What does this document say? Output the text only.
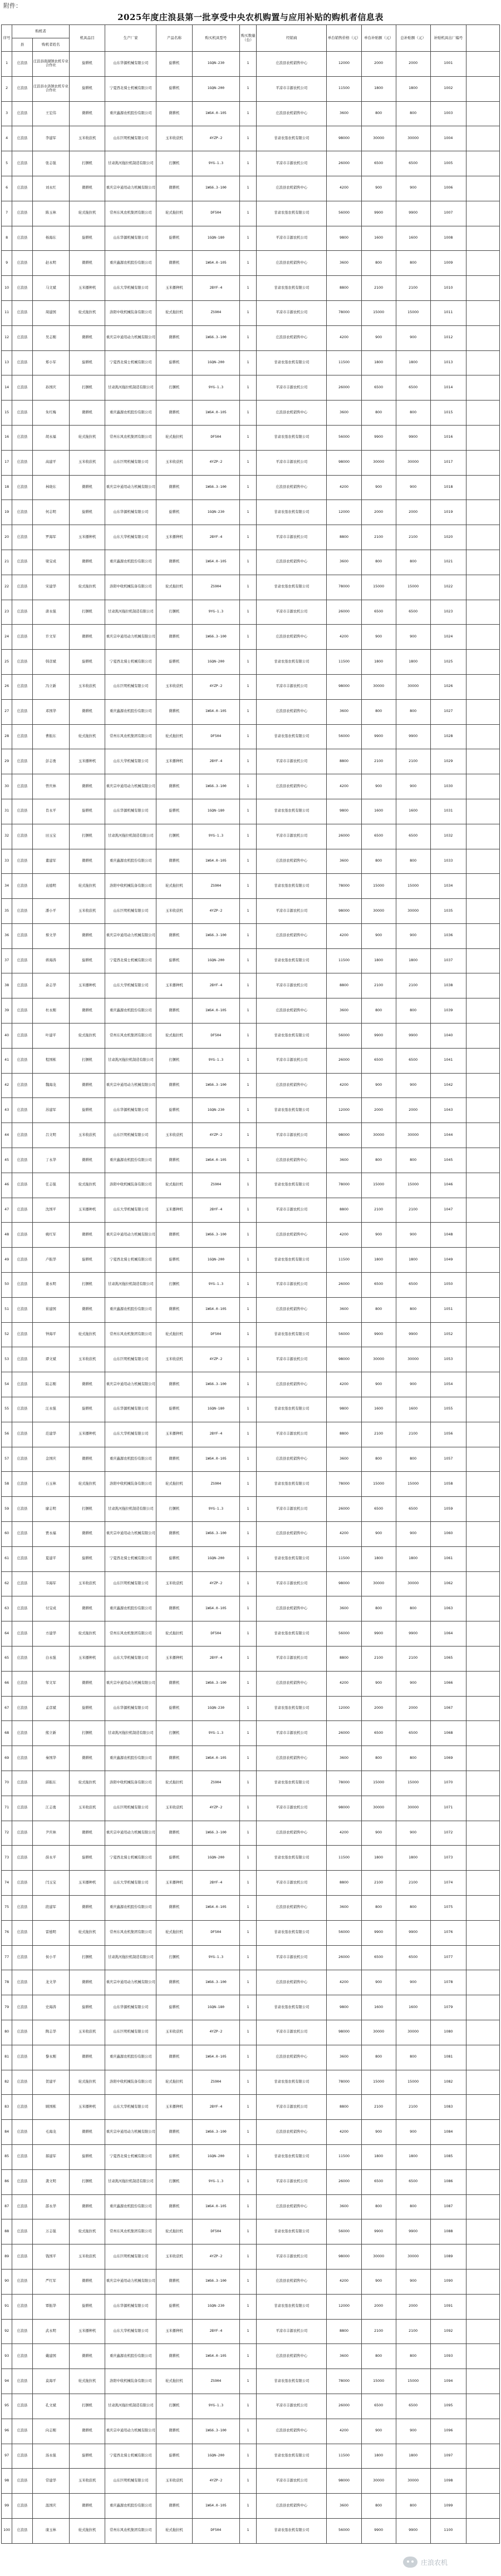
附件：
2025年度庄浪县第一批享受中央农机购置与应用补贴的购机者信息表
序号	购机者		机具品目	生产厂家	产品名称	购买机具型号	购买数量（台）	经销商	单台销售价格（元）	单台补贴额（元）	总补贴额（元）	补贴机具出厂编号	
	县	购机者姓名											
1	庄浪县	庄浪县南湖镇农机专业合作社	旋耕机	山东华源机械有限公司	旋耕机	1GQN-230	1	庄浪县农机销售中心	12000	2000	2000	1001	
2	庄浪县	庄浪县水洛镇农机专业合作社	旋耕机	宁夏西北骑士机械有限公司	旋耕机	1GQN-200	1	平凉市丰源农机公司	11500	1800	1800	1002	
3	庄浪县	王宏伟	微耕机	重庆鑫源农机股份有限公司	微耕机	1WG4.0-105	1	庄浪县农机销售中心	3600	800	800	1003	
4	庄浪县	李建军	玉米收获机	山东巨明机械有限公司	玉米收获机	4YZP-2	1	甘肃农垦农机有限公司	98000	30000	30000	1004	
5	庄浪县	张志强	打捆机	甘肃洮河拖拉机制造有限公司	打捆机	9YG-1.3	1	平凉市丰源农机公司	26000	6500	6500	1005	
6	庄浪县	刘永红	微耕机	重庆宗申通用动力机械有限公司	微耕机	1WG6.3-100	1	庄浪县农机销售中心	4200	900	900	1006	
7	庄浪县	陈玉林	轮式拖拉机	常州东风农机集团有限公司	轮式拖拉机	DF504	1	甘肃农垦农机有限公司	56000	9900	9900	1007	
8	庄浪县	杨海东	旋耕机	山东华源机械有限公司	旋耕机	1GQN-180	1	平凉市丰源农机公司	9800	1600	1600	1008	
9	庄浪县	赵永明	微耕机	重庆鑫源农机股份有限公司	微耕机	1WG4.0-105	1	庄浪县农机销售中心	3600	800	800	1009	
10	庄浪县	马文斌	玉米播种机	山东大华机械有限公司	玉米播种机	2BYF-4	1	甘肃农垦农机有限公司	8800	2100	2100	1010	
11	庄浪县	周建国	轮式拖拉机	洛阳中收机械装备有限公司	轮式拖拉机	ZS904	1	平凉市丰源农机公司	78000	15000	15000	1011	
12	庄浪县	吴志刚	微耕机	重庆宗申通用动力机械有限公司	微耕机	1WG6.3-100	1	庄浪县农机销售中心	4200	900	900	1012	
13	庄浪县	郑小军	旋耕机	宁夏西北骑士机械有限公司	旋耕机	1GQN-200	1	甘肃农垦农机有限公司	11500	1800	1800	1013	
14	庄浪县	孙国庆	打捆机	甘肃洮河拖拉机制造有限公司	打捆机	9YG-1.3	1	平凉市丰源农机公司	26000	6500	6500	1014	
15	庄浪县	朱红梅	微耕机	重庆鑫源农机股份有限公司	微耕机	1WG4.0-105	1	庄浪县农机销售中心	3600	800	800	1015	
16	庄浪县	胡永福	轮式拖拉机	常州东风农机集团有限公司	轮式拖拉机	DF504	1	甘肃农垦农机有限公司	56000	9900	9900	1016	
17	庄浪县	高建平	玉米收获机	山东巨明机械有限公司	玉米收获机	4YZP-2	1	平凉市丰源农机公司	98000	30000	30000	1017	
18	庄浪县	林晓东	微耕机	重庆宗申通用动力机械有限公司	微耕机	1WG6.3-100	1	庄浪县农机销售中心	4200	900	900	1018	
19	庄浪县	何志明	旋耕机	山东华源机械有限公司	旋耕机	1GQN-230	1	甘肃农垦农机有限公司	12000	2000	2000	1019	
20	庄浪县	罗海军	玉米播种机	山东大华机械有限公司	玉米播种机	2BYF-4	1	平凉市丰源农机公司	8800	2100	2100	1020	
21	庄浪县	梁宝成	微耕机	重庆鑫源农机股份有限公司	微耕机	1WG4.0-105	1	庄浪县农机销售中心	3600	800	800	1021	
22	庄浪县	宋建华	轮式拖拉机	洛阳中收机械装备有限公司	轮式拖拉机	ZS904	1	甘肃农垦农机有限公司	78000	15000	15000	1022	
23	庄浪县	唐永强	打捆机	甘肃洮河拖拉机制造有限公司	打捆机	9YG-1.3	1	平凉市丰源农机公司	26000	6500	6500	1023	
24	庄浪县	许文军	微耕机	重庆宗申通用动力机械有限公司	微耕机	1WG6.3-100	1	庄浪县农机销售中心	4200	900	900	1024	
25	庄浪县	韩彦斌	旋耕机	宁夏西北骑士机械有限公司	旋耕机	1GQN-200	1	甘肃农垦农机有限公司	11500	1800	1800	1025	
26	庄浪县	冯立新	玉米收获机	山东巨明机械有限公司	玉米收获机	4YZP-2	1	平凉市丰源农机公司	98000	30000	30000	1026	
27	庄浪县	邓国华	微耕机	重庆鑫源农机股份有限公司	微耕机	1WG4.0-105	1	庄浪县农机销售中心	3600	800	800	1027	
28	庄浪县	曹振东	轮式拖拉机	常州东风农机集团有限公司	轮式拖拉机	DF504	1	甘肃农垦农机有限公司	56000	9900	9900	1028	
29	庄浪县	彭志勇	玉米播种机	山东大华机械有限公司	玉米播种机	2BYF-4	1	平凉市丰源农机公司	8800	2100	2100	1029	
30	庄浪县	曾庆林	微耕机	重庆宗申通用动力机械有限公司	微耕机	1WG6.3-100	1	庄浪县农机销售中心	4200	900	900	1030	
31	庄浪县	肖永平	旋耕机	山东华源机械有限公司	旋耕机	1GQN-180	1	甘肃农垦农机有限公司	9800	1600	1600	1031	
32	庄浪县	田玉宝	打捆机	甘肃洮河拖拉机制造有限公司	打捆机	9YG-1.3	1	平凉市丰源农机公司	26000	6500	6500	1032	
33	庄浪县	董建军	微耕机	重庆鑫源农机股份有限公司	微耕机	1WG4.0-105	1	庄浪县农机销售中心	3600	800	800	1033	
34	庄浪县	袁德明	轮式拖拉机	洛阳中收机械装备有限公司	轮式拖拉机	ZS904	1	甘肃农垦农机有限公司	78000	15000	15000	1034	
35	庄浪县	潘小平	玉米收获机	山东巨明机械有限公司	玉米收获机	4YZP-2	1	平凉市丰源农机公司	98000	30000	30000	1035	
36	庄浪县	蔡文华	微耕机	重庆宗申通用动力机械有限公司	微耕机	1WG6.3-100	1	庄浪县农机销售中心	4200	900	900	1036	
37	庄浪县	蒋海涛	旋耕机	宁夏西北骑士机械有限公司	旋耕机	1GQN-200	1	甘肃农垦农机有限公司	11500	1800	1800	1037	
38	庄浪县	余志华	玉米播种机	山东大华机械有限公司	玉米播种机	2BYF-4	1	平凉市丰源农机公司	8800	2100	2100	1038	
39	庄浪县	杜永刚	微耕机	重庆鑫源农机股份有限公司	微耕机	1WG4.0-105	1	庄浪县农机销售中心	3600	800	800	1039	
40	庄浪县	叶建平	轮式拖拉机	常州东风农机集团有限公司	轮式拖拉机	DF504	1	甘肃农垦农机有限公司	56000	9900	9900	1040	
41	庄浪县	程国栋	打捆机	甘肃洮河拖拉机制造有限公司	打捆机	9YG-1.3	1	平凉市丰源农机公司	26000	6500	6500	1041	
42	庄浪县	魏海龙	微耕机	重庆宗申通用动力机械有限公司	微耕机	1WG6.3-100	1	庄浪县农机销售中心	4200	900	900	1042	
43	庄浪县	苏建军	旋耕机	山东华源机械有限公司	旋耕机	1GQN-230	1	甘肃农垦农机有限公司	12000	2000	2000	1043	
44	庄浪县	吕文明	玉米收获机	山东巨明机械有限公司	玉米收获机	4YZP-2	1	平凉市丰源农机公司	98000	30000	30000	1044	
45	庄浪县	丁永华	微耕机	重庆鑫源农机股份有限公司	微耕机	1WG4.0-105	1	庄浪县农机销售中心	3600	800	800	1045	
46	庄浪县	任志强	轮式拖拉机	洛阳中收机械装备有限公司	轮式拖拉机	ZS904	1	甘肃农垦农机有限公司	78000	15000	15000	1046	
47	庄浪县	沈国平	玉米播种机	山东大华机械有限公司	玉米播种机	2BYF-4	1	平凉市丰源农机公司	8800	2100	2100	1047	
48	庄浪县	姚红军	微耕机	重庆宗申通用动力机械有限公司	微耕机	1WG6.3-100	1	庄浪县农机销售中心	4200	900	900	1048	
49	庄浪县	卢振华	旋耕机	宁夏西北骑士机械有限公司	旋耕机	1GQN-200	1	甘肃农垦农机有限公司	11500	1800	1800	1049	
50	庄浪县	姜永明	打捆机	甘肃洮河拖拉机制造有限公司	打捆机	9YG-1.3	1	平凉市丰源农机公司	26000	6500	6500	1050	
51	庄浪县	崔建国	微耕机	重庆鑫源农机股份有限公司	微耕机	1WG4.0-105	1	庄浪县农机销售中心	3600	800	800	1051	
52	庄浪县	钟海平	轮式拖拉机	常州东风农机集团有限公司	轮式拖拉机	DF504	1	甘肃农垦农机有限公司	56000	9900	9900	1052	
53	庄浪县	谭文斌	玉米收获机	山东巨明机械有限公司	玉米收获机	4YZP-2	1	平凉市丰源农机公司	98000	30000	30000	1053	
54	庄浪县	陆志刚	微耕机	重庆宗申通用动力机械有限公司	微耕机	1WG6.3-100	1	庄浪县农机销售中心	4200	900	900	1054	
55	庄浪县	汪永强	旋耕机	山东华源机械有限公司	旋耕机	1GQN-180	1	甘肃农垦农机有限公司	9800	1600	1600	1055	
56	庄浪县	范建华	玉米播种机	山东大华机械有限公司	玉米播种机	2BYF-4	1	平凉市丰源农机公司	8800	2100	2100	1056	
57	庄浪县	金国庆	微耕机	重庆鑫源农机股份有限公司	微耕机	1WG4.0-105	1	庄浪县农机销售中心	3600	800	800	1057	
58	庄浪县	石玉林	轮式拖拉机	洛阳中收机械装备有限公司	轮式拖拉机	ZS904	1	甘肃农垦农机有限公司	78000	15000	15000	1058	
59	庄浪县	廖志明	打捆机	甘肃洮河拖拉机制造有限公司	打捆机	9YG-1.3	1	平凉市丰源农机公司	26000	6500	6500	1059	
60	庄浪县	贾永福	微耕机	重庆宗申通用动力机械有限公司	微耕机	1WG6.3-100	1	庄浪县农机销售中心	4200	900	900	1060	
61	庄浪县	夏建平	旋耕机	宁夏西北骑士机械有限公司	旋耕机	1GQN-200	1	甘肃农垦农机有限公司	11500	1800	1800	1061	
62	庄浪县	韦海军	玉米收获机	山东巨明机械有限公司	玉米收获机	4YZP-2	1	平凉市丰源农机公司	98000	30000	30000	1062	
63	庄浪县	付宝成	微耕机	重庆鑫源农机股份有限公司	微耕机	1WG4.0-105	1	庄浪县农机销售中心	3600	800	800	1063	
64	庄浪县	方建华	轮式拖拉机	常州东风农机集团有限公司	轮式拖拉机	DF504	1	甘肃农垦农机有限公司	56000	9900	9900	1064	
65	庄浪县	白永强	玉米播种机	山东大华机械有限公司	玉米播种机	2BYF-4	1	平凉市丰源农机公司	8800	2100	2100	1065	
66	庄浪县	邹文军	微耕机	重庆宗申通用动力机械有限公司	微耕机	1WG6.3-100	1	庄浪县农机销售中心	4200	900	900	1066	
67	庄浪县	孟彦斌	旋耕机	山东华源机械有限公司	旋耕机	1GQN-230	1	甘肃农垦农机有限公司	12000	2000	2000	1067	
68	庄浪县	熊立新	打捆机	甘肃洮河拖拉机制造有限公司	打捆机	9YG-1.3	1	平凉市丰源农机公司	26000	6500	6500	1068	
69	庄浪县	秦国华	微耕机	重庆鑫源农机股份有限公司	微耕机	1WG4.0-105	1	庄浪县农机销售中心	3600	800	800	1069	
70	庄浪县	邱振东	轮式拖拉机	洛阳中收机械装备有限公司	轮式拖拉机	ZS904	1	甘肃农垦农机有限公司	78000	15000	15000	1070	
71	庄浪县	江志勇	玉米收获机	山东巨明机械有限公司	玉米收获机	4YZP-2	1	平凉市丰源农机公司	98000	30000	30000	1071	
72	庄浪县	尹庆林	微耕机	重庆宗申通用动力机械有限公司	微耕机	1WG6.3-100	1	庄浪县农机销售中心	4200	900	900	1072	
73	庄浪县	薛永平	旋耕机	宁夏西北骑士机械有限公司	旋耕机	1GQN-200	1	甘肃农垦农机有限公司	11500	1800	1800	1073	
74	庄浪县	闫玉宝	玉米播种机	山东大华机械有限公司	玉米播种机	2BYF-4	1	平凉市丰源农机公司	8800	2100	2100	1074	
75	庄浪县	段建军	微耕机	重庆鑫源农机股份有限公司	微耕机	1WG4.0-105	1	庄浪县农机销售中心	3600	800	800	1075	
76	庄浪县	雷德明	轮式拖拉机	常州东风农机集团有限公司	轮式拖拉机	DF504	1	甘肃农垦农机有限公司	56000	9900	9900	1076	
77	庄浪县	侯小平	打捆机	甘肃洮河拖拉机制造有限公司	打捆机	9YG-1.3	1	平凉市丰源农机公司	26000	6500	6500	1077	
78	庄浪县	龙文华	微耕机	重庆宗申通用动力机械有限公司	微耕机	1WG6.3-100	1	庄浪县农机销售中心	4200	900	900	1078	
79	庄浪县	史海涛	旋耕机	山东华源机械有限公司	旋耕机	1GQN-180	1	甘肃农垦农机有限公司	9800	1600	1600	1079	
80	庄浪县	陶志华	玉米收获机	山东巨明机械有限公司	玉米收获机	4YZP-2	1	平凉市丰源农机公司	98000	30000	30000	1080	
81	庄浪县	黎永刚	微耕机	重庆鑫源农机股份有限公司	微耕机	1WG4.0-105	1	庄浪县农机销售中心	3600	800	800	1081	
82	庄浪县	贺建平	轮式拖拉机	洛阳中收机械装备有限公司	轮式拖拉机	ZS904	1	甘肃农垦农机有限公司	78000	15000	15000	1082	
83	庄浪县	顾国栋	玉米播种机	山东大华机械有限公司	玉米播种机	2BYF-4	1	平凉市丰源农机公司	8800	2100	2100	1083	
84	庄浪县	毛海龙	微耕机	重庆宗申通用动力机械有限公司	微耕机	1WG6.3-100	1	庄浪县农机销售中心	4200	900	900	1084	
85	庄浪县	郝建军	旋耕机	宁夏西北骑士机械有限公司	旋耕机	1GQN-200	1	甘肃农垦农机有限公司	11500	1800	1800	1085	
86	庄浪县	龚文明	打捆机	甘肃洮河拖拉机制造有限公司	打捆机	9YG-1.3	1	平凉市丰源农机公司	26000	6500	6500	1086	
87	庄浪县	邵永华	微耕机	重庆鑫源农机股份有限公司	微耕机	1WG4.0-105	1	庄浪县农机销售中心	3600	800	800	1087	
88	庄浪县	万志强	轮式拖拉机	常州东风农机集团有限公司	轮式拖拉机	DF504	1	甘肃农垦农机有限公司	56000	9900	9900	1088	
89	庄浪县	钱国平	玉米收获机	山东巨明机械有限公司	玉米收获机	4YZP-2	1	平凉市丰源农机公司	98000	30000	30000	1089	
90	庄浪县	严红军	微耕机	重庆宗申通用动力机械有限公司	微耕机	1WG6.3-100	1	庄浪县农机销售中心	4200	900	900	1090	
91	庄浪县	覃振华	旋耕机	山东华源机械有限公司	旋耕机	1GQN-230	1	甘肃农垦农机有限公司	12000	2000	2000	1091	
92	庄浪县	武永明	玉米播种机	山东大华机械有限公司	玉米播种机	2BYF-4	1	平凉市丰源农机公司	8800	2100	2100	1092	
93	庄浪县	戴建国	微耕机	重庆鑫源农机股份有限公司	微耕机	1WG4.0-105	1	庄浪县农机销售中心	3600	800	800	1093	
94	庄浪县	莫海平	轮式拖拉机	洛阳中收机械装备有限公司	轮式拖拉机	ZS904	1	甘肃农垦农机有限公司	78000	15000	15000	1094	
95	庄浪县	孔文斌	打捆机	甘肃洮河拖拉机制造有限公司	打捆机	9YG-1.3	1	平凉市丰源农机公司	26000	6500	6500	1095	
96	庄浪县	向志刚	微耕机	重庆宗申通用动力机械有限公司	微耕机	1WG6.3-100	1	庄浪县农机销售中心	4200	900	900	1096	
97	庄浪县	汤永强	旋耕机	宁夏西北骑士机械有限公司	旋耕机	1GQN-200	1	甘肃农垦农机有限公司	11500	1800	1800	1097	
98	庄浪县	常建华	玉米收获机	山东巨明机械有限公司	玉米收获机	4YZP-2	1	平凉市丰源农机公司	98000	30000	30000	1098	
99	庄浪县	温国庆	微耕机	重庆鑫源农机股份有限公司	微耕机	1WG4.0-105	1	庄浪县农机销售中心	3600	800	800	1099	
100	庄浪县	康玉林	轮式拖拉机	常州东风农机集团有限公司	轮式拖拉机	DF504	1	甘肃农垦农机有限公司	56000	9900	9900	1100	
庄浪农机
